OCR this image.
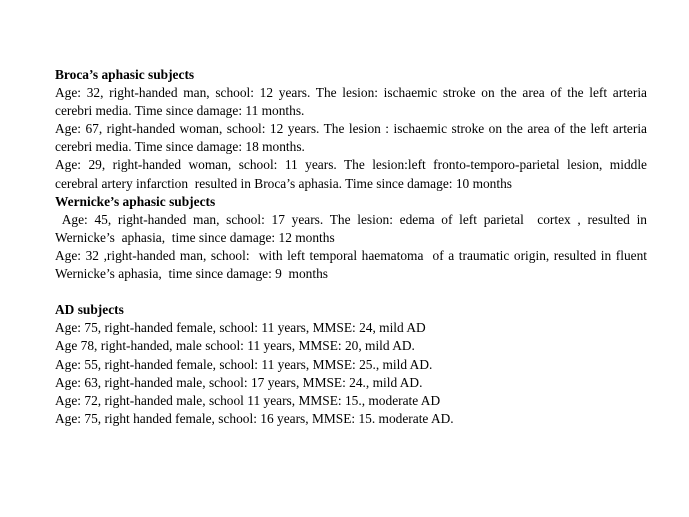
Broca’s aphasic subjects

Age: 32, right-handed man, school: 12 years. The lesion: ischaemic stroke on the area of the left arteria cerebri media. Time since damage: 11 months.

Age: 67, right-handed woman, school: 12 years. The lesion : ischaemic stroke on the area of the left arteria cerebri media. Time since damage: 18 months.

Age: 29, right-handed woman, school: 11 years. The lesion:left fronto-temporo-parietal lesion, middle cerebral artery infarction  resulted in Broca’s aphasia. Time since damage: 10 months

Wernicke’s aphasic subjects

Age: 45, right-handed man, school: 17 years. The lesion: edema of left parietal  cortex , resulted in Wernicke’s  aphasia,  time since damage: 12 months

Age: 32 ,right-handed man, school:  with left temporal haematoma  of a traumatic origin, resulted in fluent Wernicke’s aphasia,  time since damage: 9  months

AD subjects

Age: 75, right-handed female, school: 11 years, MMSE: 24, mild AD

Age 78, right-handed, male school: 11 years, MMSE: 20, mild AD.

Age: 55, right-handed female, school: 11 years, MMSE: 25., mild AD.

Age: 63, right-handed male, school: 17 years, MMSE: 24., mild AD.

Age: 72, right-handed male, school 11 years, MMSE: 15., moderate AD

Age: 75, right handed female, school: 16 years, MMSE: 15. moderate AD.
